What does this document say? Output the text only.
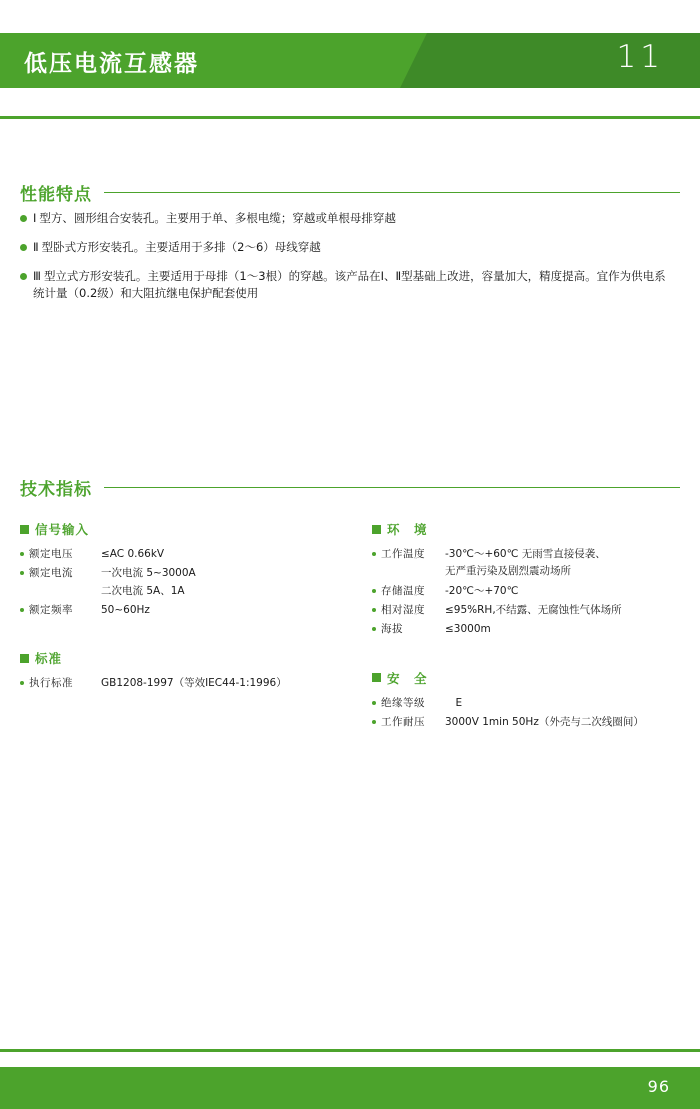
低压电流互感器	11
性能特点
Ⅰ 型方、圆形组合安装孔。主要用于单、多根电缆；穿越或单根母排穿越
Ⅱ 型卧式方形安装孔。主要适用于多排（2～6）母线穿越
Ⅲ 型立式方形安装孔。主要适用于母排（1～3根）的穿越。该产品在Ⅰ、Ⅱ型基础上改进，容量加大，精度提高。宜作为供电系统计量（0.2级）和大阻抗继电保护配套使用
技术指标
信号输入
额定电压	≤AC 0.66kV
额定电流	一次电流 5~3000A
二次电流 5A、1A
额定频率	50~60Hz
标准
执行标准	GB1208-1997（等效IEC44-1:1996）
环　境
工作温度	-30℃～+60℃ 无雨雪直接侵袭、
无严重污染及剧烈震动场所
存储温度	-20℃～+70℃
相对湿度	≤95%RH,不结露、无腐蚀性气体场所
海拔	≤3000m
安　全
绝缘等级	　E
工作耐压	3000V 1min 50Hz（外壳与二次线圈间）
96
